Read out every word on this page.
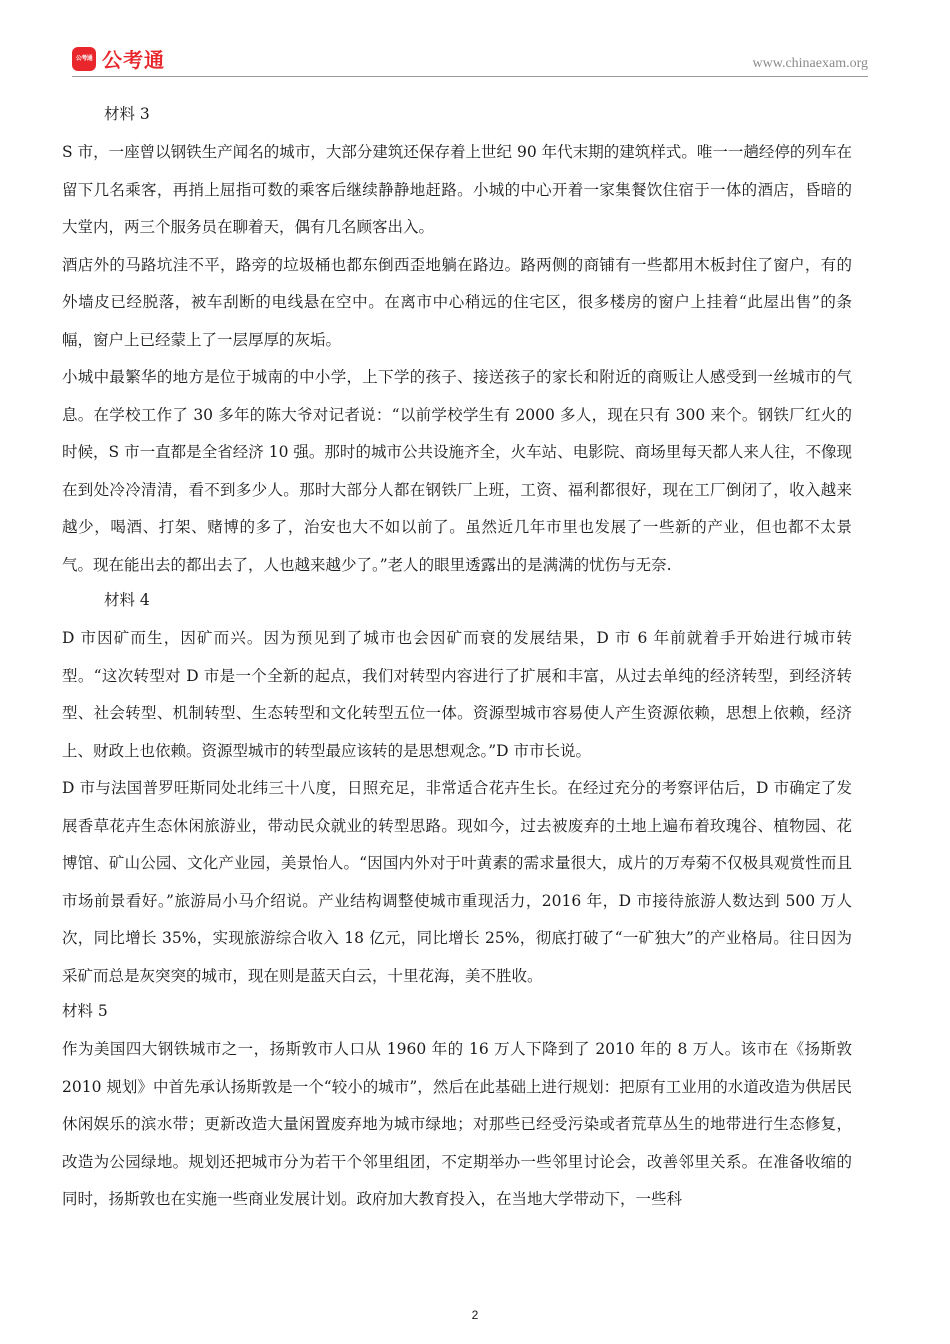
公考通 公考通	www.chinaexam.org
材料 3

S 市，一座曾以钢铁生产闻名的城市，大部分建筑还保存着上世纪 90 年代末期的建筑样式。唯一一趟经停的列车在留下几名乘客，再捎上屈指可数的乘客后继续静静地赶路。小城的中心开着一家集餐饮住宿于一体的酒店，昏暗的大堂内，两三个服务员在聊着天，偶有几名顾客出入。

酒店外的马路坑洼不平，路旁的垃圾桶也都东倒西歪地躺在路边。路两侧的商铺有一些都用木板封住了窗户，有的外墙皮已经脱落，被车刮断的电线悬在空中。在离市中心稍远的住宅区，很多楼房的窗户上挂着“此屋出售”的条幅，窗户上已经蒙上了一层厚厚的灰垢。

小城中最繁华的地方是位于城南的中小学，上下学的孩子、接送孩子的家长和附近的商贩让人感受到一丝城市的气息。在学校工作了 30 多年的陈大爷对记者说：“以前学校学生有 2000 多人，现在只有 300 来个。钢铁厂红火的时候，S 市一直都是全省经济 10 强。那时的城市公共设施齐全，火车站、电影院、商场里每天都人来人往，不像现在到处冷冷清清，看不到多少人。那时大部分人都在钢铁厂上班，工资、福利都很好，现在工厂倒闭了，收入越来越少，喝酒、打架、赌博的多了，治安也大不如以前了。虽然近几年市里也发展了一些新的产业，但也都不太景气。现在能出去的都出去了，人也越来越少了。”老人的眼里透露出的是满满的忧伤与无奈.

材料 4

D 市因矿而生，因矿而兴。因为预见到了城市也会因矿而衰的发展结果，D 市 6 年前就着手开始进行城市转型。“这次转型对 D 市是一个全新的起点，我们对转型内容进行了扩展和丰富，从过去单纯的经济转型，到经济转型、社会转型、机制转型、生态转型和文化转型五位一体。资源型城市容易使人产生资源依赖，思想上依赖，经济上、财政上也依赖。资源型城市的转型最应该转的是思想观念。”D 市市长说。

D 市与法国普罗旺斯同处北纬三十八度，日照充足，非常适合花卉生长。在经过充分的考察评估后，D 市确定了发展香草花卉生态休闲旅游业，带动民众就业的转型思路。现如今，过去被废弃的土地上遍布着玫瑰谷、植物园、花博馆、矿山公园、文化产业园，美景怡人。“因国内外对于叶黄素的需求量很大，成片的万寿菊不仅极具观赏性而且市场前景看好。”旅游局小马介绍说。产业结构调整使城市重现活力，2016 年，D 市接待旅游人数达到 500 万人次，同比增长 35%，实现旅游综合收入 18 亿元，同比增长 25%，彻底打破了“一矿独大”的产业格局。往日因为采矿而总是灰突突的城市，现在则是蓝天白云，十里花海，美不胜收。

材料 5

作为美国四大钢铁城市之一，扬斯敦市人口从 1960 年的 16 万人下降到了 2010 年的 8 万人。该市在《扬斯敦 2010 规划》中首先承认扬斯敦是一个“较小的城市”，然后在此基础上进行规划：把原有工业用的水道改造为供居民休闲娱乐的滨水带；更新改造大量闲置废弃地为城市绿地；对那些已经受污染或者荒草丛生的地带进行生态修复，改造为公园绿地。规划还把城市分为若干个邻里组团，不定期举办一些邻里讨论会，改善邻里关系。在准备收缩的同时，扬斯敦也在实施一些商业发展计划。政府加大教育投入，在当地大学带动下，一些科

2
